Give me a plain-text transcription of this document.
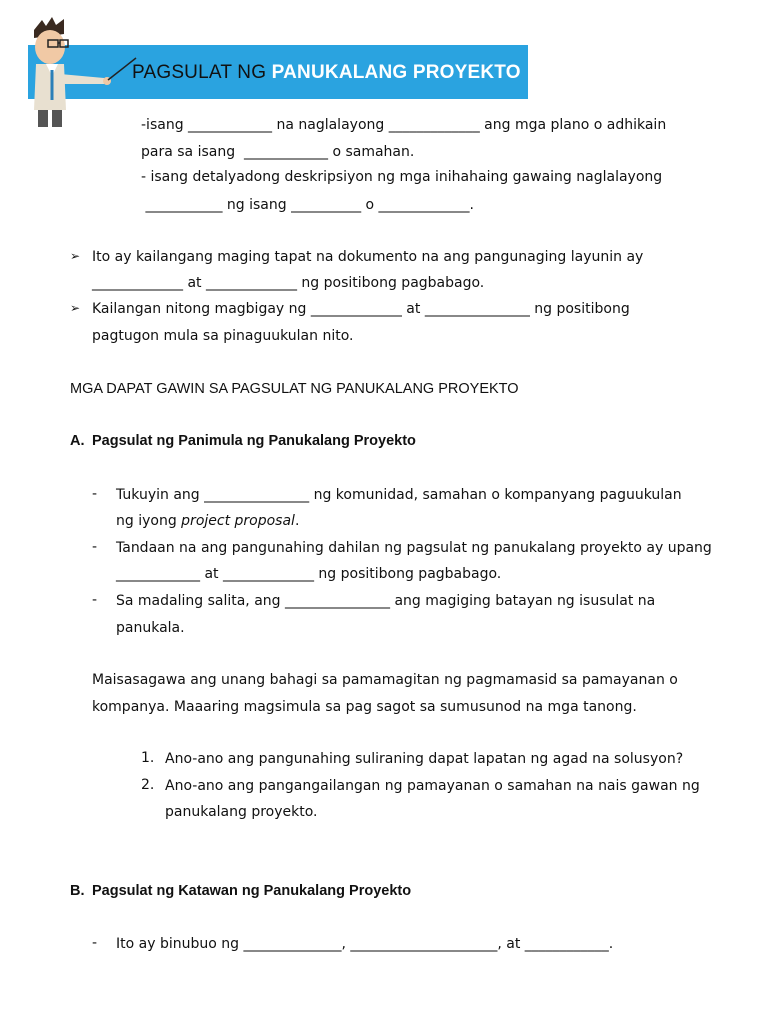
PAGSULAT NG PANUKALANG PROYEKTO
-isang ____________ na naglalayong _____________ ang mga plano o adhikain
para sa isang  ____________ o samahan.
- isang detalyadong deskripsiyon ng mga inihahaing gawaing naglalayong
___________ ng isang __________ o _____________.
➢ Ito ay kailangang maging tapat na dokumento na ang pangunaging layunin ay
_____________ at _____________ ng positibong pagbabago.
➢ Kailangan nitong magbigay ng _____________ at _______________ ng positibong
pagtugon mula sa pinaguukulan nito.
MGA DAPAT GAWIN SA PAGSULAT NG PANUKALANG PROYEKTO
A. Pagsulat ng Panimula ng Panukalang Proyekto
- Tukuyin ang _______________ ng komunidad, samahan o kompanyang paguukulan
ng iyong project proposal.
- Tandaan na ang pangunahing dahilan ng pagsulat ng panukalang proyekto ay upang
____________ at _____________ ng positibong pagbabago.
- Sa madaling salita, ang _______________ ang magiging batayan ng isusulat na
panukala.
Maisasagawa ang unang bahagi sa pamamagitan ng pagmamasid sa pamayanan o
kompanya. Maaaring magsimula sa pag sagot sa sumusunod na mga tanong.
1. Ano-ano ang pangunahing suliraning dapat lapatan ng agad na solusyon?
2. Ano-ano ang pangangailangan ng pamayanan o samahan na nais gawan ng
panukalang proyekto.
B. Pagsulat ng Katawan ng Panukalang Proyekto
- Ito ay binubuo ng ______________, _____________________, at ____________.
